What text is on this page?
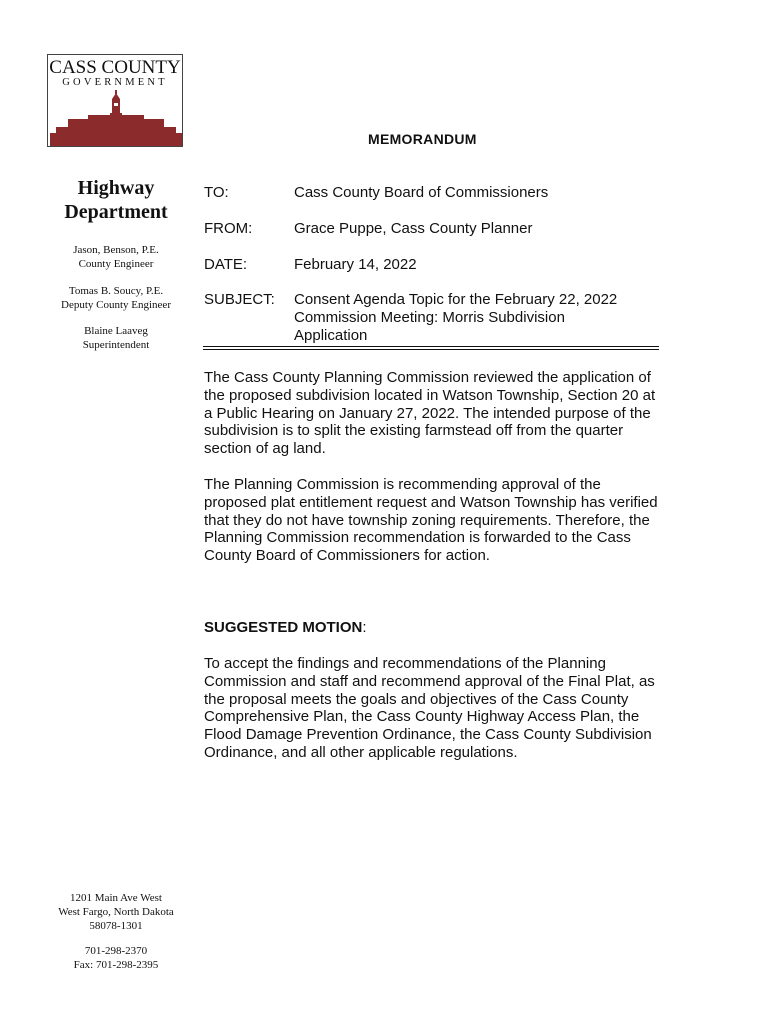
CASS COUNTY
GOVERNMENT
Highway
Department
Jason, Benson, P.E.
County Engineer
Tomas B. Soucy, P.E.
Deputy County Engineer
Blaine Laaveg
Superintendent
1201 Main Ave West
West Fargo, North Dakota
58078-1301
701-298-2370
Fax: 701-298-2395
MEMORANDUM
TO:	Cass County Board of Commissioners
FROM:	Grace Puppe, Cass County Planner
DATE:	February 14, 2022
SUBJECT: Consent Agenda Topic for the February 22, 2022
Commission Meeting: Morris Subdivision
Application
The Cass County Planning Commission reviewed the application of the proposed subdivision located in Watson Township, Section 20 at a Public Hearing on January 27, 2022. The intended purpose of the subdivision is to split the existing farmstead off from the quarter section of ag land.
The Planning Commission is recommending approval of the proposed plat entitlement request and Watson Township has verified that they do not have township zoning requirements. Therefore, the Planning Commission recommendation is forwarded to the Cass County Board of Commissioners for action.
SUGGESTED MOTION:
To accept the findings and recommendations of the Planning Commission and staff and recommend approval of the Final Plat, as the proposal meets the goals and objectives of the Cass County Comprehensive Plan, the Cass County Highway Access Plan, the Flood Damage Prevention Ordinance, the Cass County Subdivision Ordinance, and all other applicable regulations.
